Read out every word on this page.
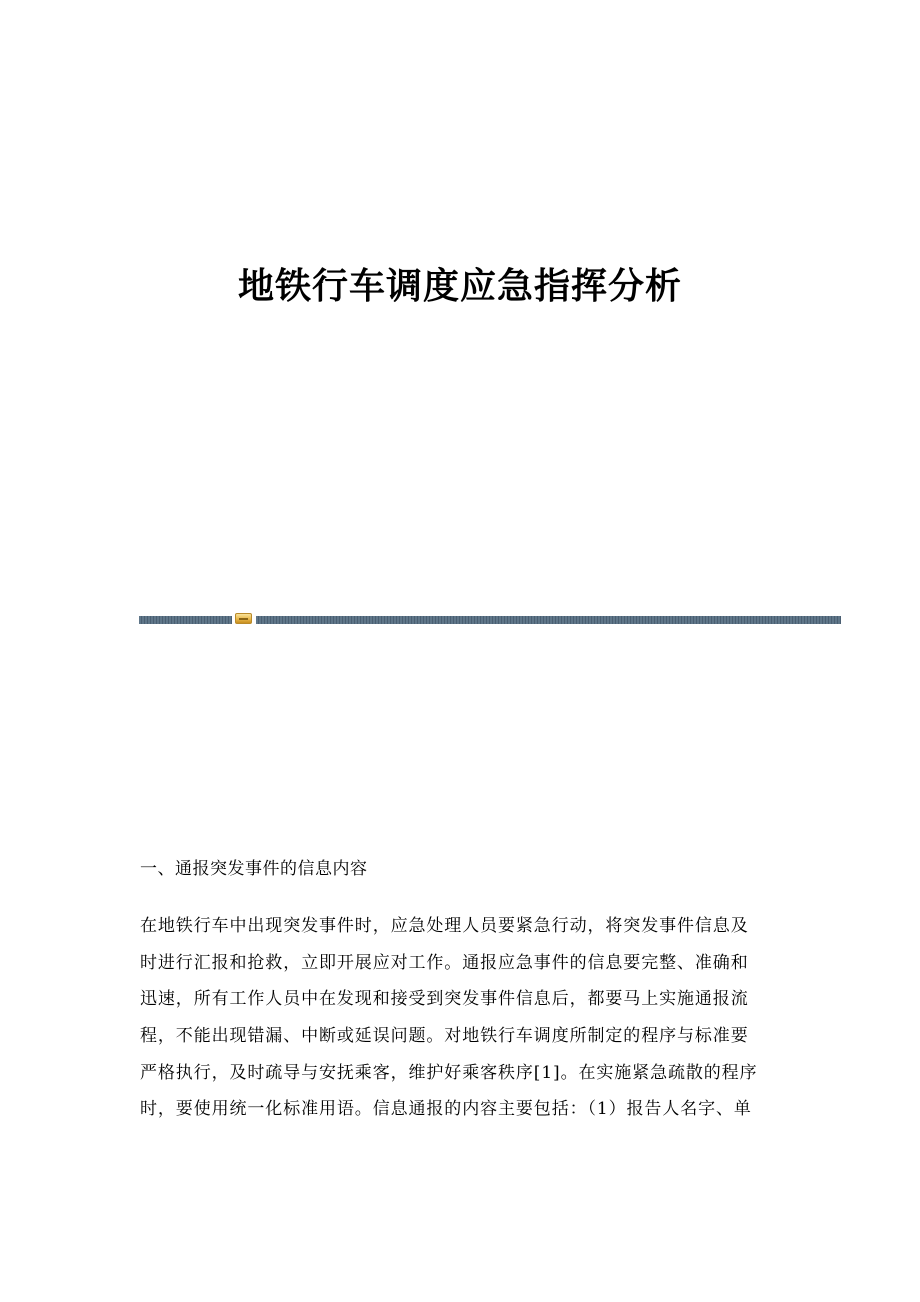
地铁行车调度应急指挥分析
一、通报突发事件的信息内容
在地铁行车中出现突发事件时，应急处理人员要紧急行动，将突发事件信息及
时进行汇报和抢救，立即开展应对工作。通报应急事件的信息要完整、准确和
迅速，所有工作人员中在发现和接受到突发事件信息后，都要马上实施通报流
程，不能出现错漏、中断或延误问题。对地铁行车调度所制定的程序与标准要
严格执行，及时疏导与安抚乘客，维护好乘客秩序[1]。在实施紧急疏散的程序
时，要使用统一化标准用语。信息通报的内容主要包括：（1）报告人名字、单
